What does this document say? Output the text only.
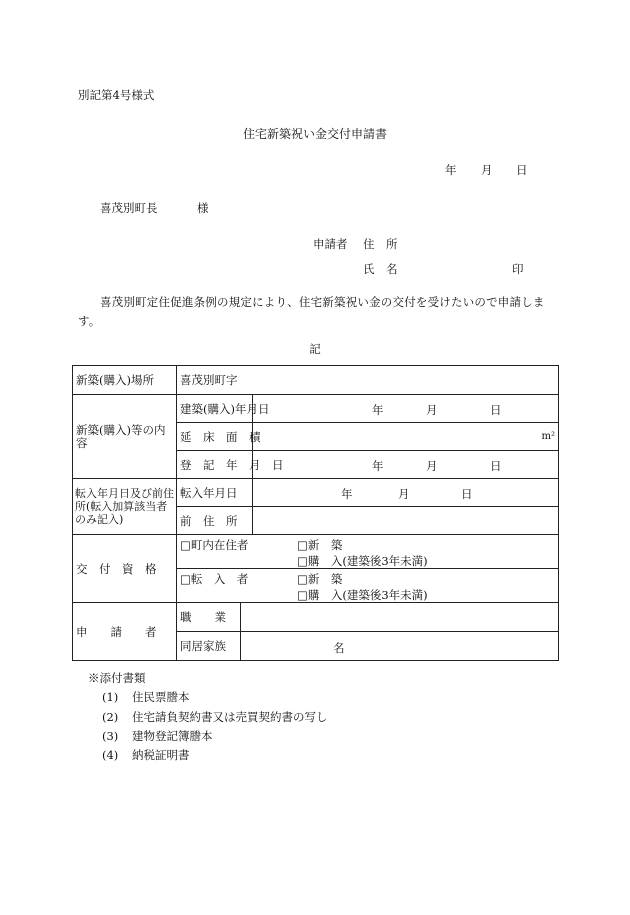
別記第4号様式
住宅新築祝い金交付申請書
年 月 日
喜茂別町長	様
申請者 住　所
氏　名	印
喜茂別町定住促進条例の規定により、住宅新築祝い金の交付を受けたいので申請します。
記
新築(購入)場所	喜茂別町字		
新築(購入)等の内容	建築(購入)年月日		年 月 日

	延　床　面　積		m²
	登　記　年　月　日		年 月 日

転入年月日及び前住所(転入加算該当者のみ記入)	転入年月日		年 月 日

	前　住　所		
交　付　資　格	□町内在住者 □新　築
□購　入(建築後3年未満)		

	□転　入　者 □新　築
□購　入(建築後3年未満)		

申　　請　　者	職　　業		
	同居家族	名	
※添付書類
(1) 住民票謄本
(2) 住宅請負契約書又は売買契約書の写し
(3) 建物登記簿謄本
(4) 納税証明書
